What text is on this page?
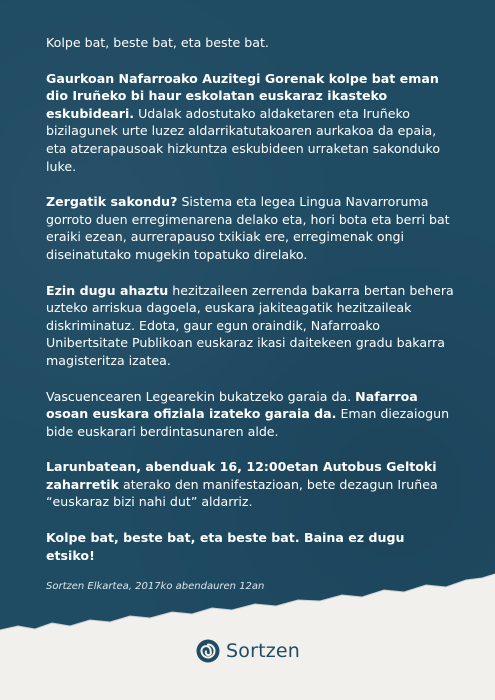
Kolpe bat, beste bat, eta beste bat.

Gaurkoan Nafarroako Auzitegi Gorenak kolpe bat eman dio Iruñeko bi haur eskolatan euskaraz ikasteko eskubideari. Udalak adostutako aldaketaren eta Iruñeko bizilagunek urte luzez aldarrikatutakoaren aurkakoa da epaia, eta atzerapausoak hizkuntza eskubideen urraketan sakonduko luke.

Zergatik sakondu? Sistema eta legea Lingua Navarroruma gorroto duen erregimenarena delako eta, hori bota eta berri bat eraiki ezean, aurrerapauso txikiak ere, erregimenak ongi diseinatutako mugekin topatuko direlako.

Ezin dugu ahaztu hezitzaileen zerrenda bakarra bertan behera uzteko arriskua dagoela, euskara jakiteagatik hezitzaileak diskriminatuz. Edota, gaur egun oraindik, Nafarroako Unibertsitate Publikoan euskaraz ikasi daitekeen gradu bakarra magisteritza izatea.

Vascuencearen Legearekin bukatzeko garaia da. Nafarroa osoan euskara ofiziala izateko garaia da. Eman diezaiogun bide euskarari berdintasunaren alde.

Larunbatean, abenduak 16, 12:00etan Autobus Geltoki zaharretik aterako den manifestazioan, bete dezagun Iruñea “euskaraz bizi nahi dut” aldarriz.

Kolpe bat, beste bat, eta beste bat. Baina ez dugu etsiko!

Sortzen Elkartea, 2017ko abendauren 12an

Sortzen
